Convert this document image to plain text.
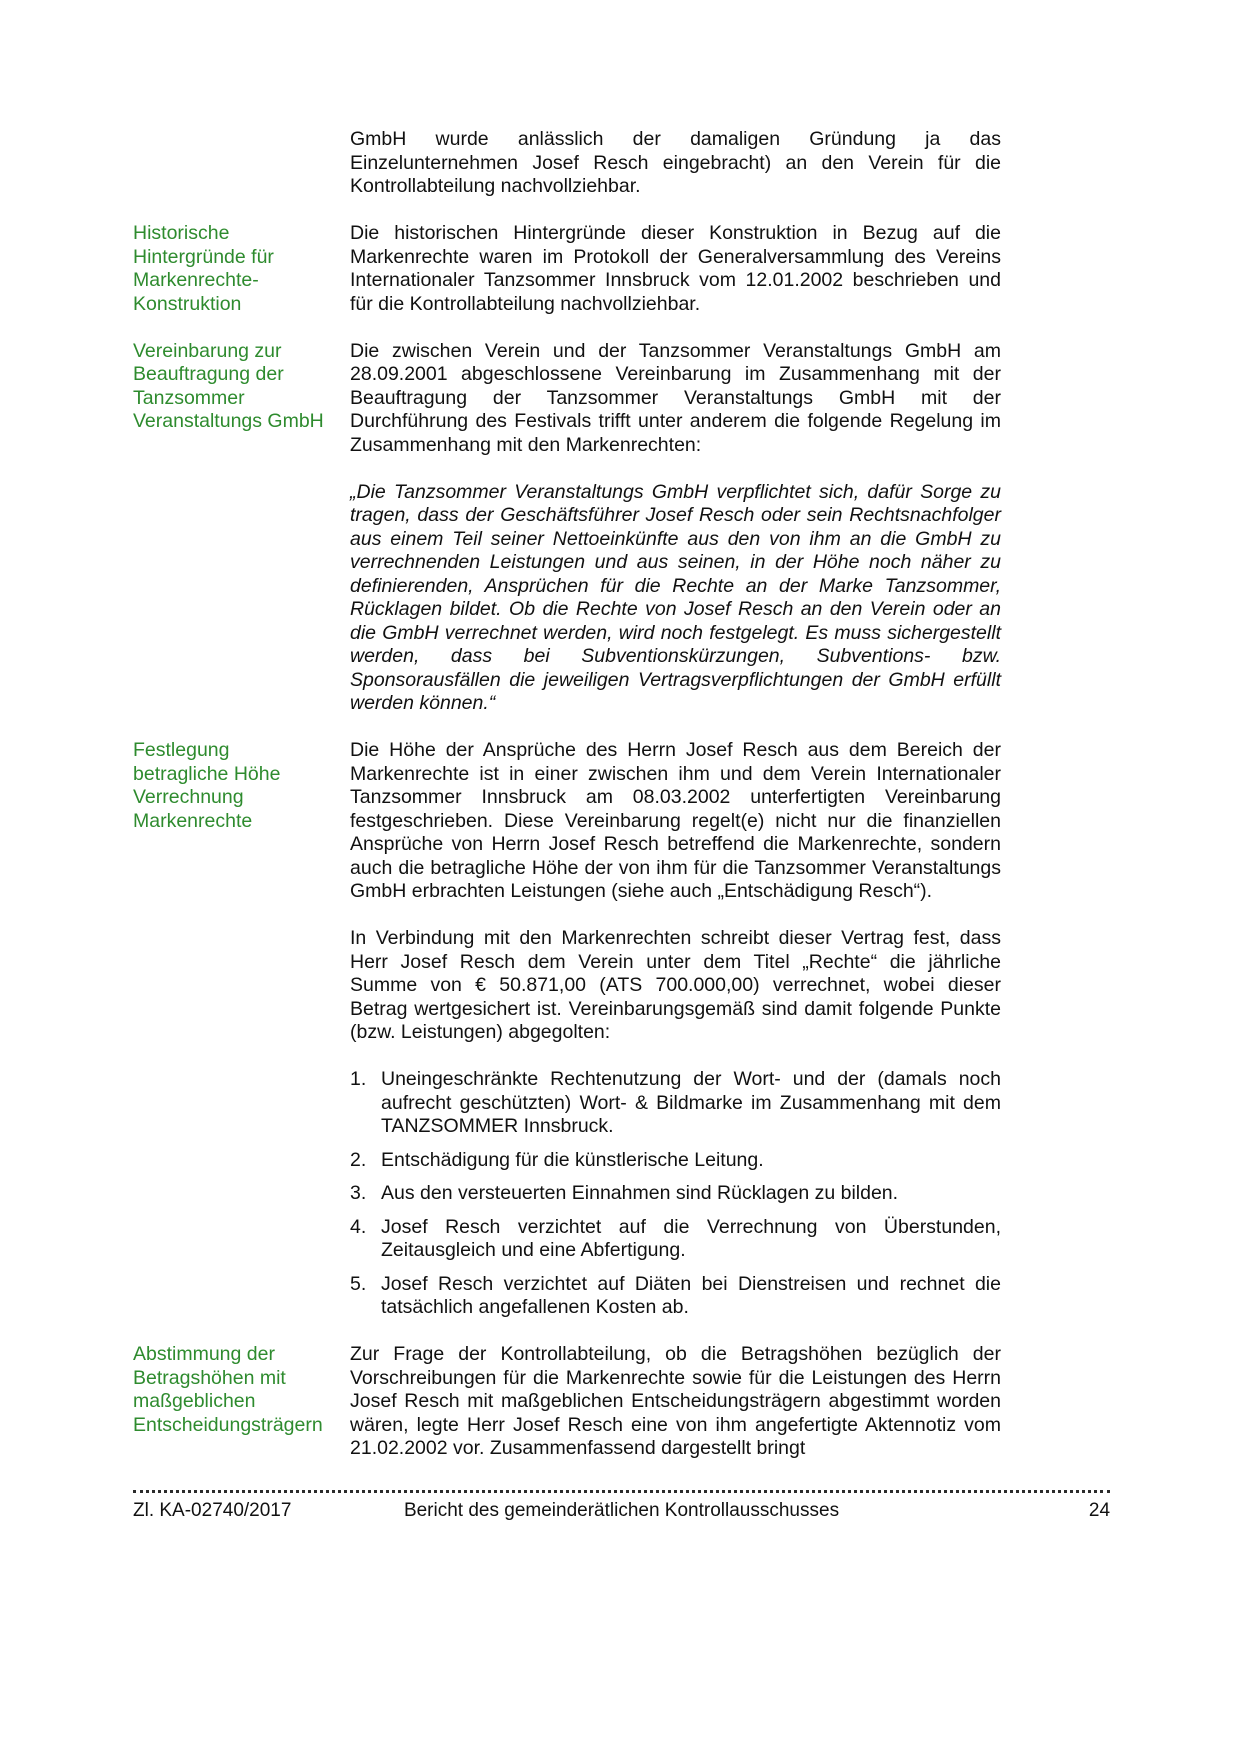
GmbH wurde anlässlich der damaligen Gründung ja das Einzelunternehmen Josef Resch eingebracht) an den Verein für die Kontrollabteilung nachvollziehbar.

Historische Hintergründe für Markenrechte-Konstruktion

Die historischen Hintergründe dieser Konstruktion in Bezug auf die Markenrechte waren im Protokoll der Generalversammlung des Vereins Internationaler Tanzsommer Innsbruck vom 12.01.2002 beschrieben und für die Kontrollabteilung nachvollziehbar.

Vereinbarung zur Beauftragung der Tanzsommer Veranstaltungs GmbH

Die zwischen Verein und der Tanzsommer Veranstaltungs GmbH am 28.09.2001 abgeschlossene Vereinbarung im Zusammenhang mit der Beauftragung der Tanzsommer Veranstaltungs GmbH mit der Durchführung des Festivals trifft unter anderem die folgende Regelung im Zusammenhang mit den Markenrechten:

„Die Tanzsommer Veranstaltungs GmbH verpflichtet sich, dafür Sorge zu tragen, dass der Geschäftsführer Josef Resch oder sein Rechtsnachfolger aus einem Teil seiner Nettoeinkünfte aus den von ihm an die GmbH zu verrechnenden Leistungen und aus seinen, in der Höhe noch näher zu definierenden, Ansprüchen für die Rechte an der Marke Tanzsommer, Rücklagen bildet. Ob die Rechte von Josef Resch an den Verein oder an die GmbH verrechnet werden, wird noch festgelegt. Es muss sichergestellt werden, dass bei Subventionskürzungen, Subventions- bzw. Sponsorausfällen die jeweiligen Vertragsverpflichtungen der GmbH erfüllt werden können.“

Festlegung betragliche Höhe Verrechnung Markenrechte

Die Höhe der Ansprüche des Herrn Josef Resch aus dem Bereich der Markenrechte ist in einer zwischen ihm und dem Verein Internationaler Tanzsommer Innsbruck am 08.03.2002 unterfertigten Vereinbarung festgeschrieben. Diese Vereinbarung regelt(e) nicht nur die finanziellen Ansprüche von Herrn Josef Resch betreffend die Markenrechte, sondern auch die betragliche Höhe der von ihm für die Tanzsommer Veranstaltungs GmbH erbrachten Leistungen (siehe auch „Entschädigung Resch“).

In Verbindung mit den Markenrechten schreibt dieser Vertrag fest, dass Herr Josef Resch dem Verein unter dem Titel „Rechte“ die jährliche Summe von € 50.871,00 (ATS 700.000,00) verrechnet, wobei dieser Betrag wertgesichert ist. Vereinbarungsgemäß sind damit folgende Punkte (bzw. Leistungen) abgegolten:

1. Uneingeschränkte Rechtenutzung der Wort- und der (damals noch aufrecht geschützten) Wort- & Bildmarke im Zusammenhang mit dem TANZSOMMER Innsbruck.
2. Entschädigung für die künstlerische Leitung.
3. Aus den versteuerten Einnahmen sind Rücklagen zu bilden.
4. Josef Resch verzichtet auf die Verrechnung von Überstunden, Zeitausgleich und eine Abfertigung.
5. Josef Resch verzichtet auf Diäten bei Dienstreisen und rechnet die tatsächlich angefallenen Kosten ab.
Abstimmung der Betragshöhen mit maßgeblichen Entscheidungsträgern

Zur Frage der Kontrollabteilung, ob die Betragshöhen bezüglich der Vorschreibungen für die Markenrechte sowie für die Leistungen des Herrn Josef Resch mit maßgeblichen Entscheidungsträgern abgestimmt worden wären, legte Herr Josef Resch eine von ihm angefertigte Aktennotiz vom 21.02.2002 vor. Zusammenfassend dargestellt bringt

Zl. KA-02740/2017	Bericht des gemeinderätlichen Kontrollausschusses	24
